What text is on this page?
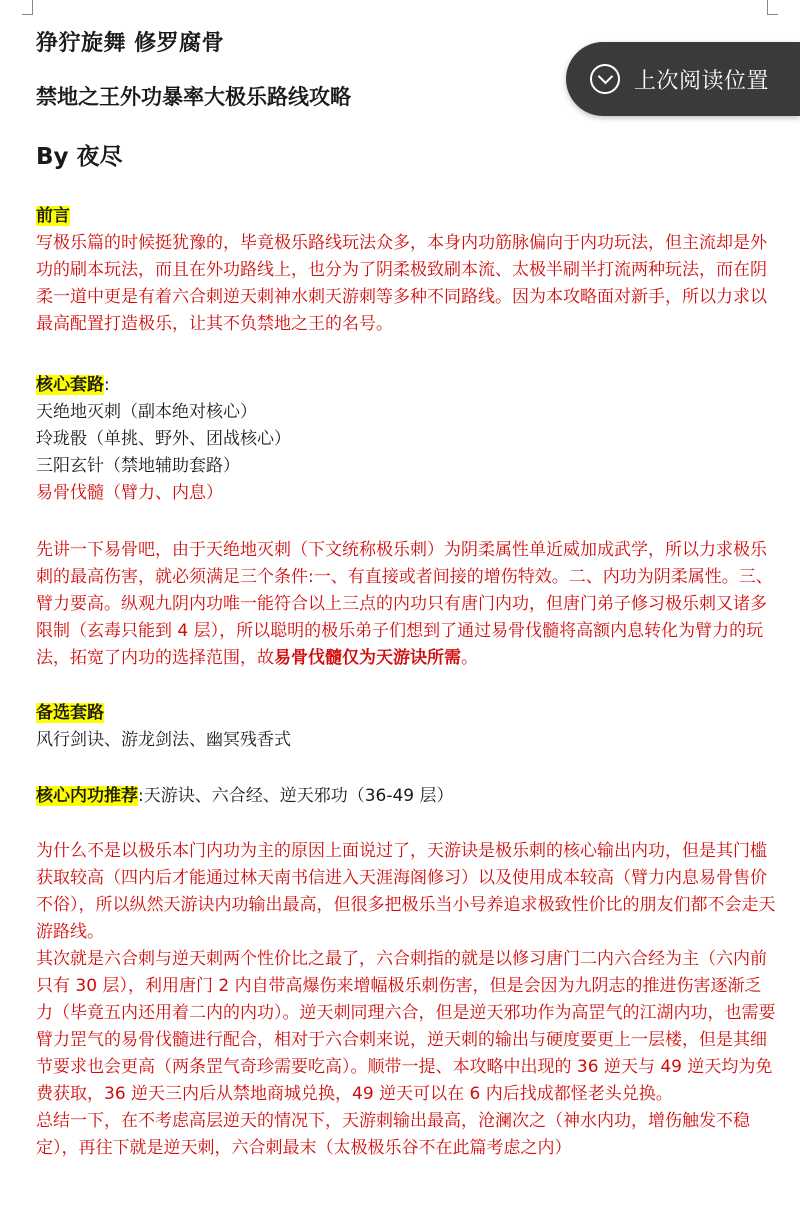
狰狞旋舞 修罗腐骨
禁地之王外功暴率大极乐路线攻略
By 夜尽

前言

写极乐篇的时候挺犹豫的，毕竟极乐路线玩法众多，本身内功筋脉偏向于内功玩法，但主流却是外功的刷本玩法，而且在外功路线上，也分为了阴柔极致刷本流、太极半刷半打流两种玩法，而在阴柔一道中更是有着六合刺逆天刺神水刺天游刺等多种不同路线。因为本攻略面对新手，所以力求以最高配置打造极乐，让其不负禁地之王的名号。

核心套路:

天绝地灭刺（副本绝对核心）

玲珑骰（单挑、野外、团战核心）

三阳玄针（禁地辅助套路）

易骨伐髓（臂力、内息）

先讲一下易骨吧，由于天绝地灭刺（下文统称极乐刺）为阴柔属性单近威加成武学，所以力求极乐刺的最高伤害，就必须满足三个条件:一、有直接或者间接的增伤特效。二、内功为阴柔属性。三、臂力要高。纵观九阴内功唯一能符合以上三点的内功只有唐门内功，但唐门弟子修习极乐刺又诸多限制（玄毒只能到 4 层），所以聪明的极乐弟子们想到了通过易骨伐髓将高额内息转化为臂力的玩法，拓宽了内功的选择范围，故易骨伐髓仅为天游诀所需。

备选套路

风行剑诀、游龙剑法、幽冥残香式

核心内功推荐:天游诀、六合经、逆天邪功（36-49 层）

为什么不是以极乐本门内功为主的原因上面说过了，天游诀是极乐刺的核心输出内功，但是其门槛获取较高（四内后才能通过林天南书信进入天涯海阁修习）以及使用成本较高（臂力内息易骨售价不俗），所以纵然天游诀内功输出最高，但很多把极乐当小号养追求极致性价比的朋友们都不会走天游路线。

其次就是六合刺与逆天刺两个性价比之最了，六合刺指的就是以修习唐门二内六合经为主（六内前只有 30 层），利用唐门 2 内自带高爆伤来增幅极乐刺伤害，但是会因为九阴志的推进伤害逐渐乏力（毕竟五内还用着二内的内功）。逆天刺同理六合，但是逆天邪功作为高罡气的江湖内功，也需要臂力罡气的易骨伐髓进行配合，相对于六合刺来说，逆天刺的输出与硬度要更上一层楼，但是其细节要求也会更高（两条罡气奇珍需要吃高）。顺带一提、本攻略中出现的 36 逆天与 49 逆天均为免费获取，36 逆天三内后从禁地商城兑换，49 逆天可以在 6 内后找成都怪老头兑换。

总结一下，在不考虑高层逆天的情况下，天游刺输出最高，沧澜次之（神水内功，增伤触发不稳定），再往下就是逆天刺，六合刺最末（太极极乐谷不在此篇考虑之内）

上次阅读位置
